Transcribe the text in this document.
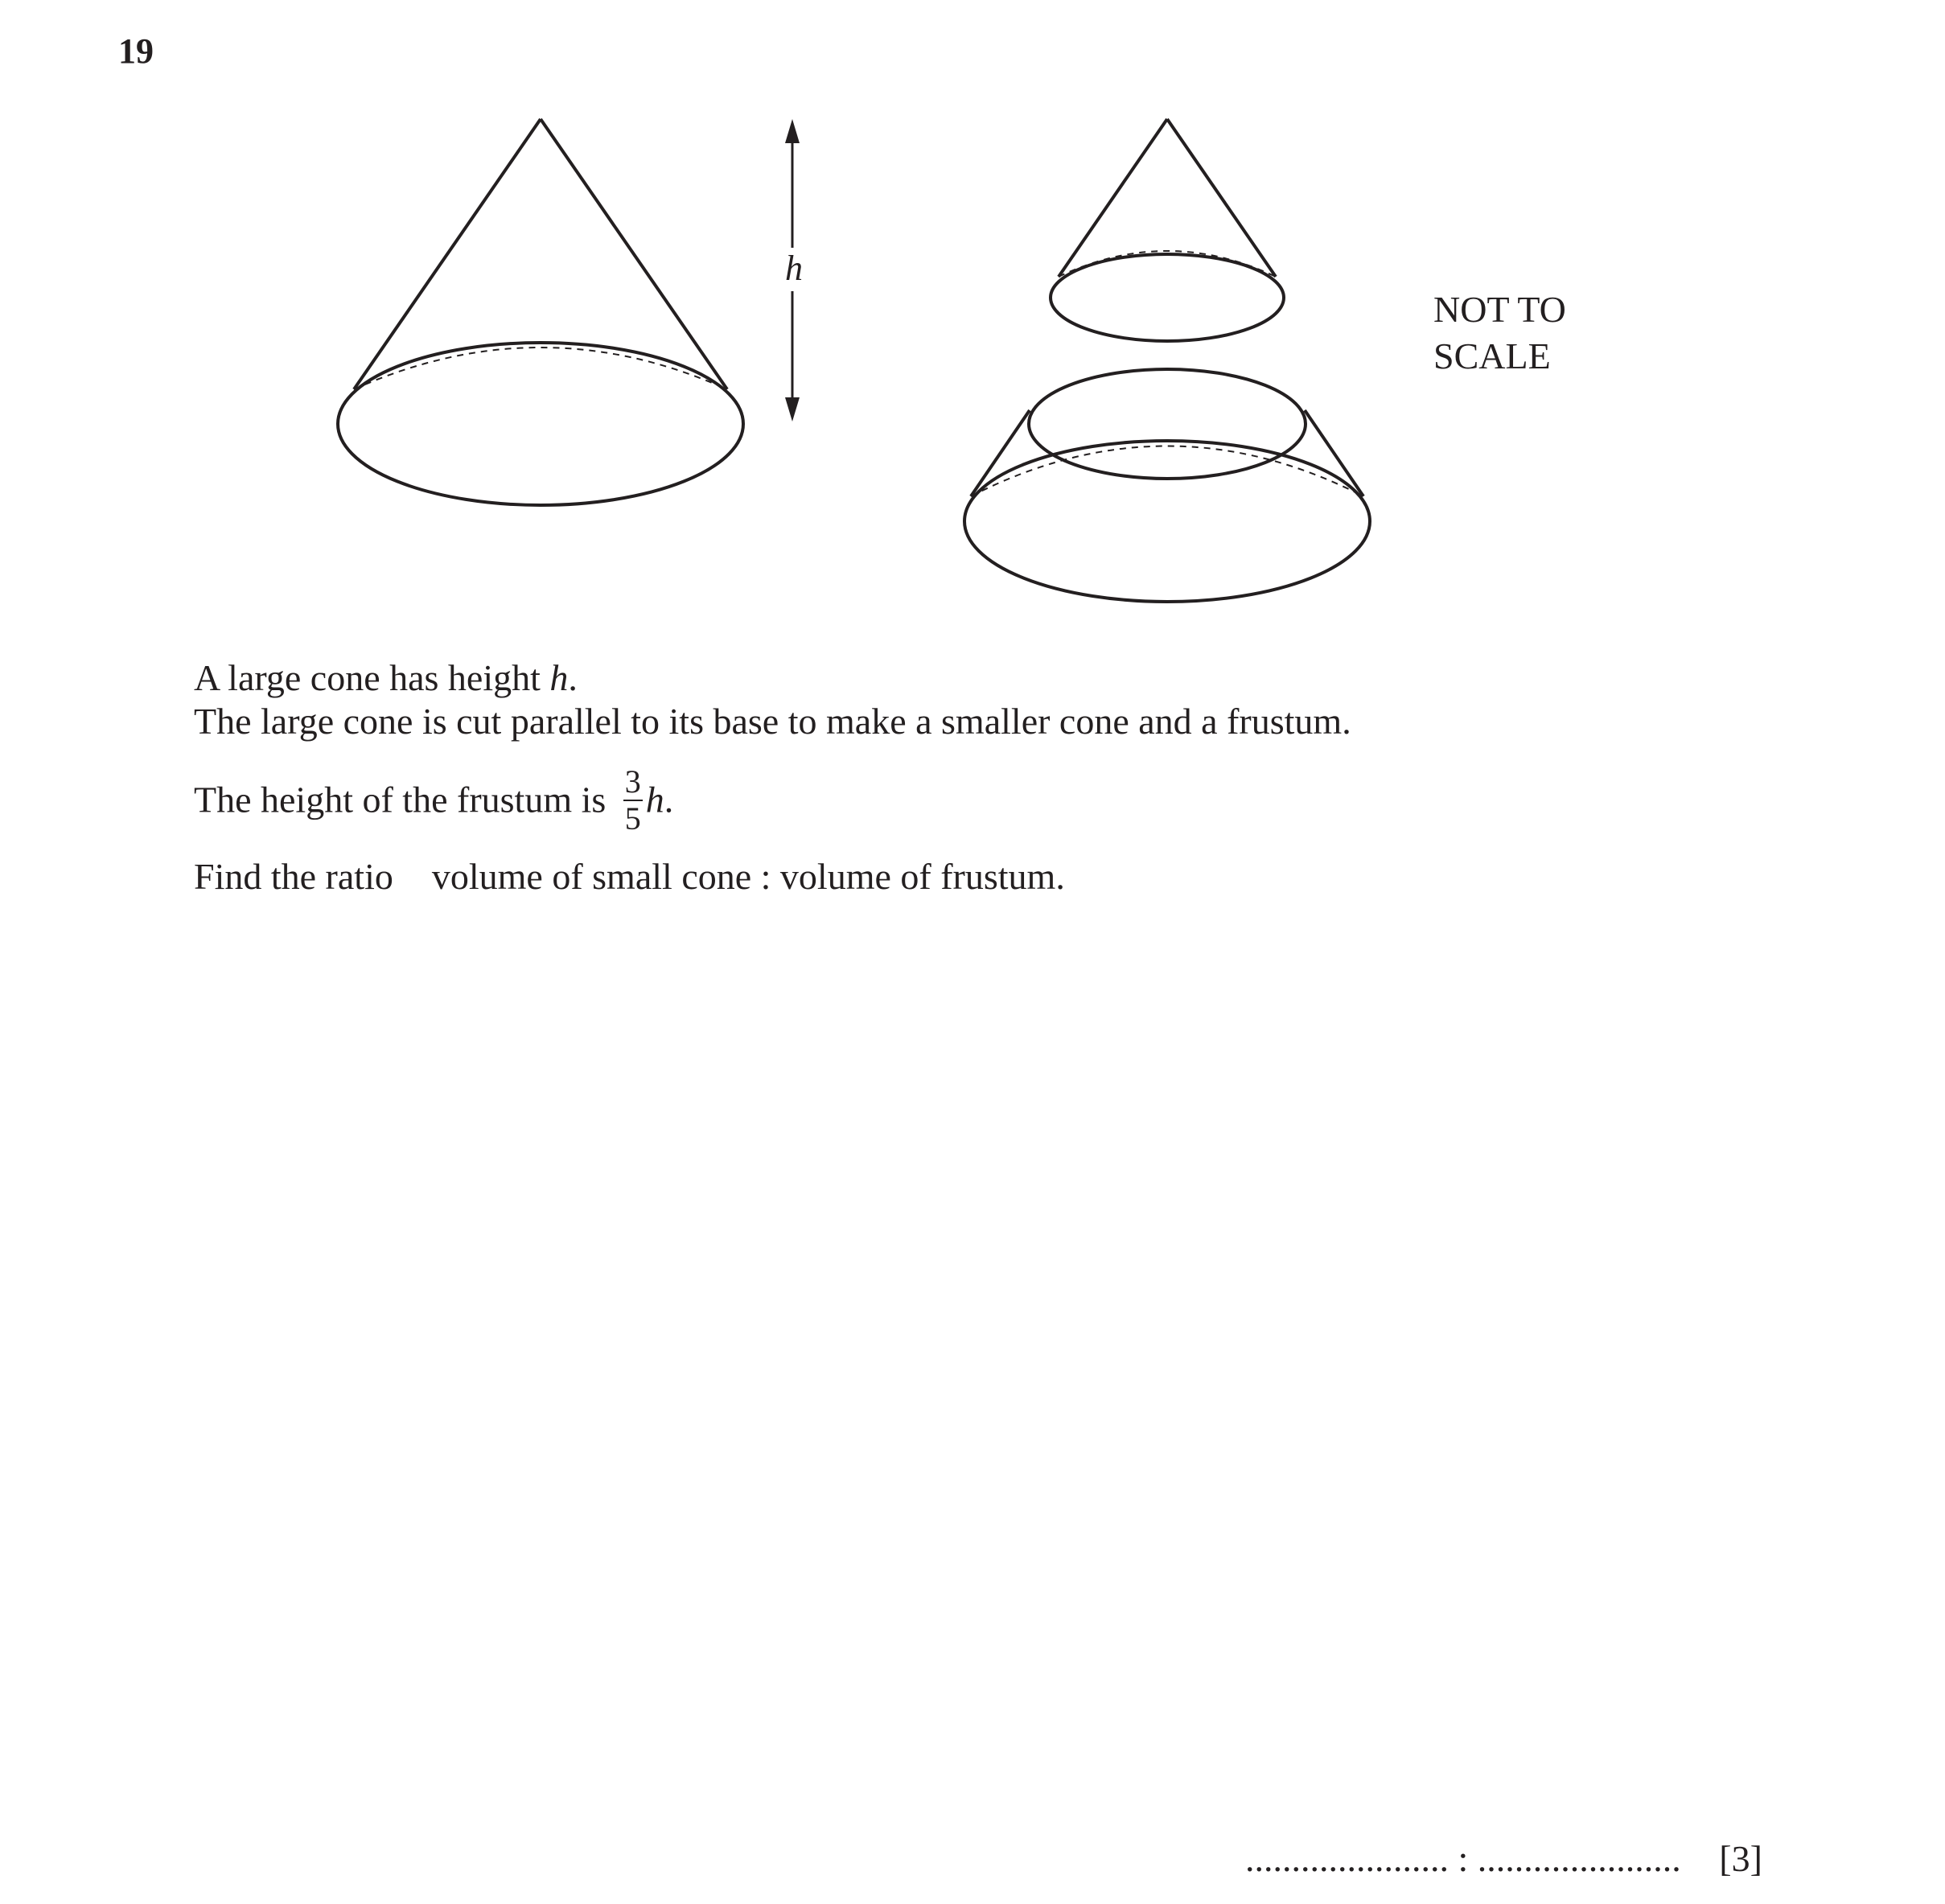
19
h
NOT TO
SCALE
A large cone has height h.
The large cone is cut parallel to its base to make a smaller cone and a frustum.
The height of the frustum is $\frac{3}{5} h$.
Find the ratio volume of small cone : volume of frustum.
...................... : ...................... [3]
